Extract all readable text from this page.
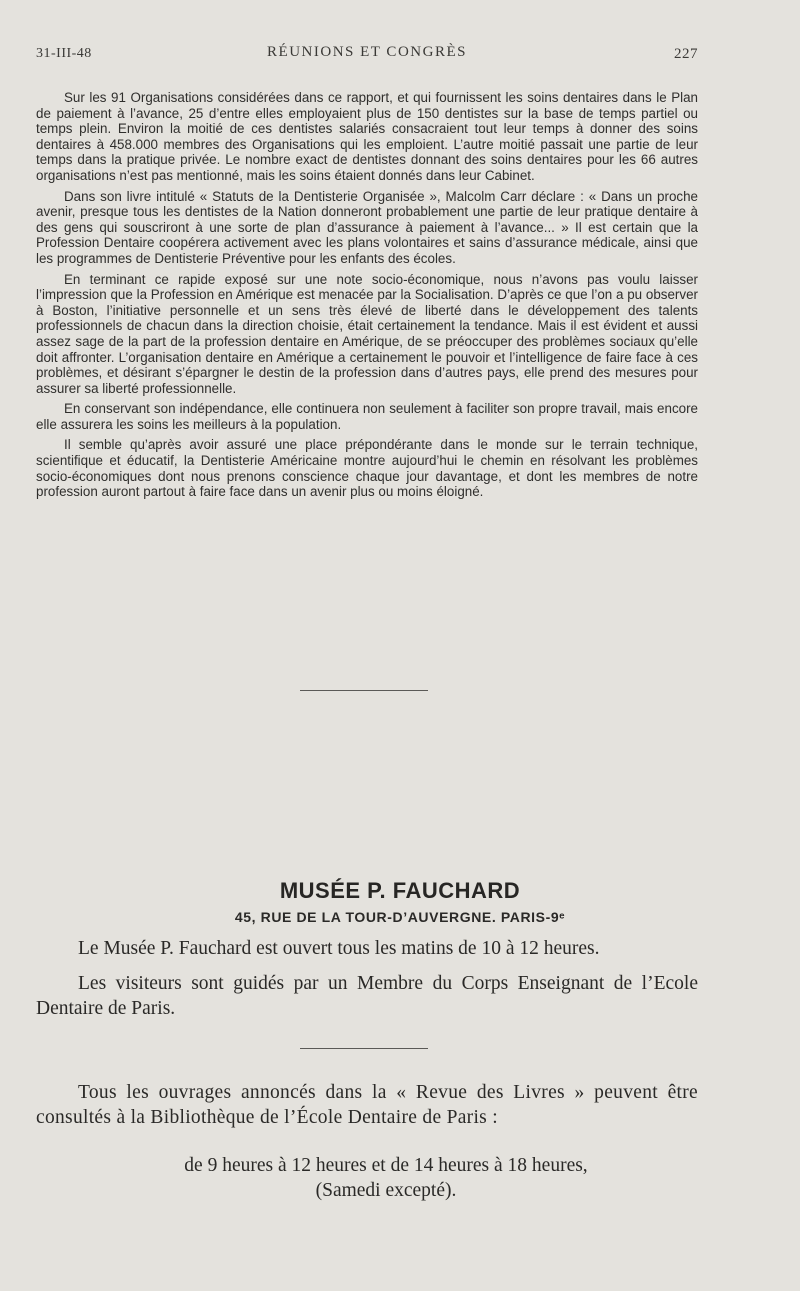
31-III-48	RÉUNIONS ET CONGRÈS	227

Sur les 91 Organisations considérées dans ce rapport, et qui fournissent les soins dentaires dans le Plan de paiement à l’avance, 25 d’entre elles employaient plus de 150 dentistes sur la base de temps partiel ou temps plein. Environ la moitié de ces dentistes salariés consacraient tout leur temps à donner des soins dentaires à 458.000 membres des Organisations qui les emploient. L’autre moitié passait une partie de leur temps dans la pratique privée. Le nombre exact de dentistes donnant des soins dentaires pour les 66 autres organisations n’est pas mentionné, mais les soins étaient donnés dans leur Cabinet.

Dans son livre intitulé « Statuts de la Dentisterie Organisée », Malcolm Carr déclare : « Dans un proche avenir, presque tous les dentistes de la Nation donneront probablement une partie de leur pratique dentaire à des gens qui souscriront à une sorte de plan d’assurance à paiement à l’avance... » Il est certain que la Profession Dentaire coopérera activement avec les plans volontaires et sains d’assurance médicale, ainsi que les programmes de Dentisterie Préventive pour les enfants des écoles.

En terminant ce rapide exposé sur une note socio-économique, nous n’avons pas voulu laisser l’impression que la Profession en Amérique est menacée par la Socialisation. D’après ce que l’on a pu observer à Boston, l’initiative personnelle et un sens très élevé de liberté dans le développement des talents professionnels de chacun dans la direction choisie, était certainement la tendance. Mais il est évident et aussi assez sage de la part de la profession dentaire en Amérique, de se préoccuper des problèmes sociaux qu’elle doit affronter. L’organisation dentaire en Amérique a certainement le pouvoir et l’intelligence de faire face à ces problèmes, et désirant s’épargner le destin de la profession dans d’autres pays, elle prend des mesures pour assurer sa liberté professionnelle.

En conservant son indépendance, elle continuera non seulement à faciliter son propre travail, mais encore elle assurera les soins les meilleurs à la population.

Il semble qu’après avoir assuré une place prépondérante dans le monde sur le terrain technique, scientifique et éducatif, la Dentisterie Américaine montre aujourd’hui le chemin en résolvant les problèmes socio-économiques dont nous prenons conscience chaque jour davantage, et dont les membres de notre profession auront partout à faire face dans un avenir plus ou moins éloigné.

MUSÉE P. FAUCHARD
45, RUE DE LA TOUR-D’AUVERGNE. PARIS-9ᵉ

Le Musée P. Fauchard est ouvert tous les matins de 10 à 12 heures.

Les visiteurs sont guidés par un Membre du Corps Enseignant de l’Ecole Dentaire de Paris.

Tous les ouvrages annoncés dans la « Revue des Livres » peuvent être consultés à la Bibliothèque de l’École Dentaire de Paris :

de 9 heures à 12 heures et de 14 heures à 18 heures,
(Samedi excepté).
